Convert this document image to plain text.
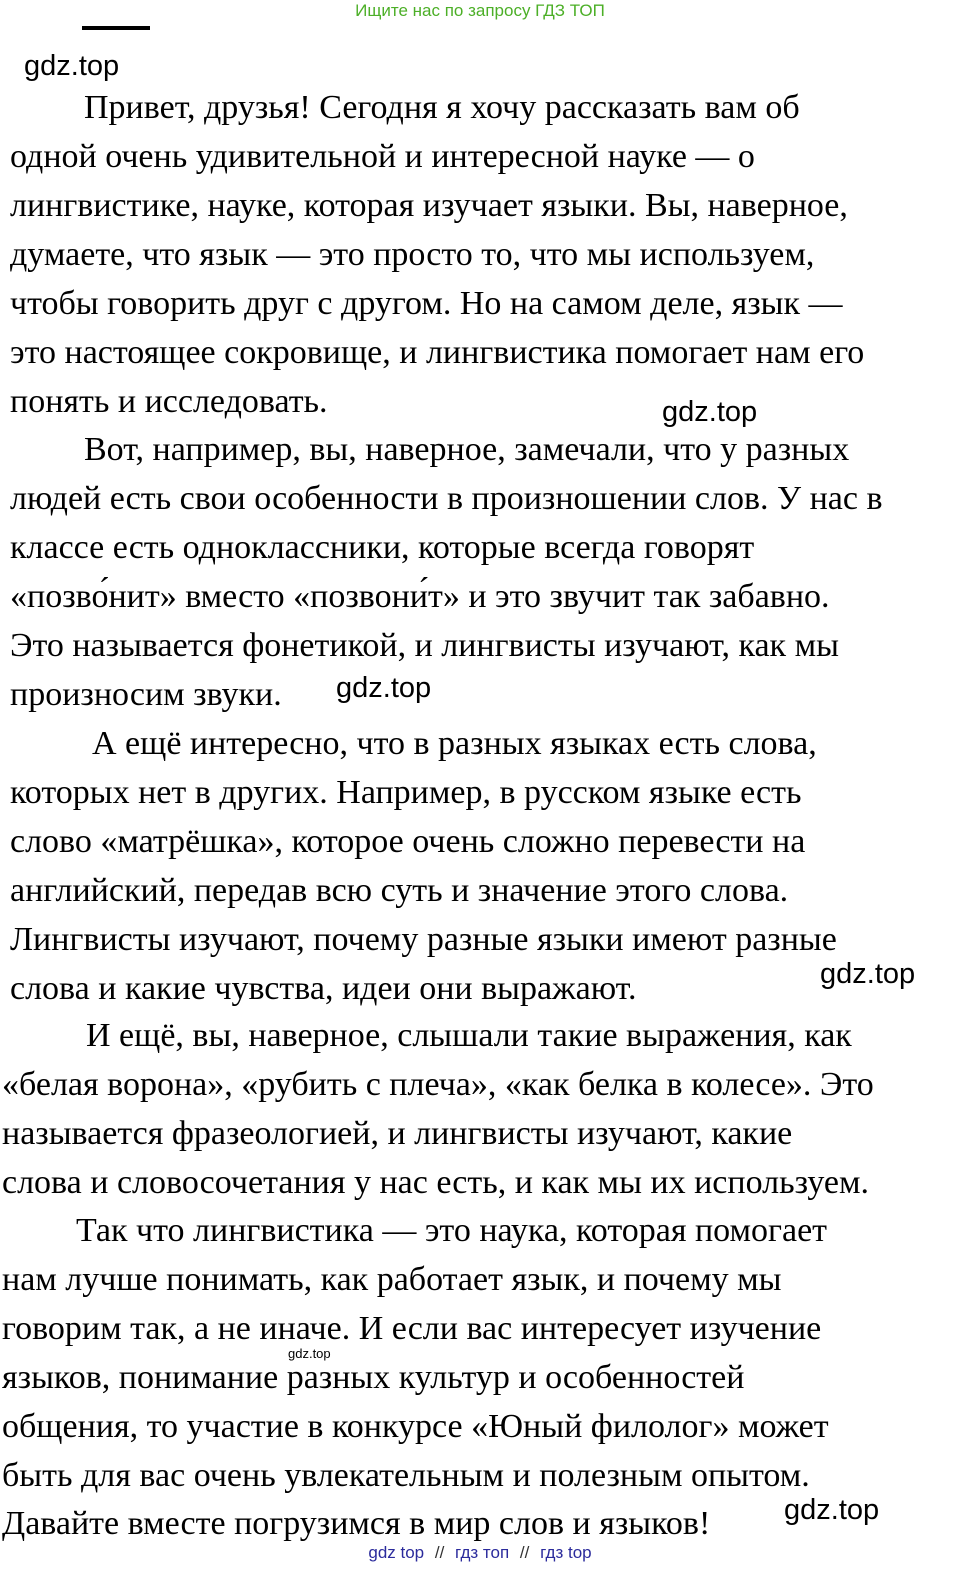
Ищите нас по запросу ГДЗ ТОП
gdz.top
Привет, друзья! Сегодня я хочу рассказать вам об
одной очень удивительной и интересной науке — о
лингвистике, науке, которая изучает языки. Вы, наверное,
думаете, что язык — это просто то, что мы используем,
чтобы говорить друг с другом. Но на самом деле, язык —
это настоящее сокровище, и лингвистика помогает нам его
понять и исследовать.	gdz.top
Вот, например, вы, наверное, замечали, что у разных
людей есть свои особенности в произношении слов. У нас в
классе есть одноклассники, которые всегда говорят
«позво́нит» вместо «позвони́т» и это звучит так забавно.
Это называется фонетикой, и лингвисты изучают, как мы
произносим звуки. gdz.top
А ещё интересно, что в разных языках есть слова,
которых нет в других. Например, в русском языке есть
слово «матрёшка», которое очень сложно перевести на
английский, передав всю суть и значение этого слова.
Лингвисты изучают, почему разные языки имеют разные
слова и какие чувства, идеи они выражают.	gdz.top
И ещё, вы, наверное, слышали такие выражения, как
«белая ворона», «рубить с плеча», «как белка в колесе». Это
называется фразеологией, и лингвисты изучают, какие
слова и словосочетания у нас есть, и как мы их используем.
Так что лингвистика — это наука, которая помогает
нам лучше понимать, как работает язык, и почему мы
говорим так, а не иначе. И если вас интересует изучение
gdz.top
языков, понимание разных культур и особенностей
общения, то участие в конкурсе «Юный филолог» может
быть для вас очень увлекательным и полезным опытом.
Давайте вместе погрузимся в мир слов и языков!	gdz.top
gdz top // гдз топ // гдз top
